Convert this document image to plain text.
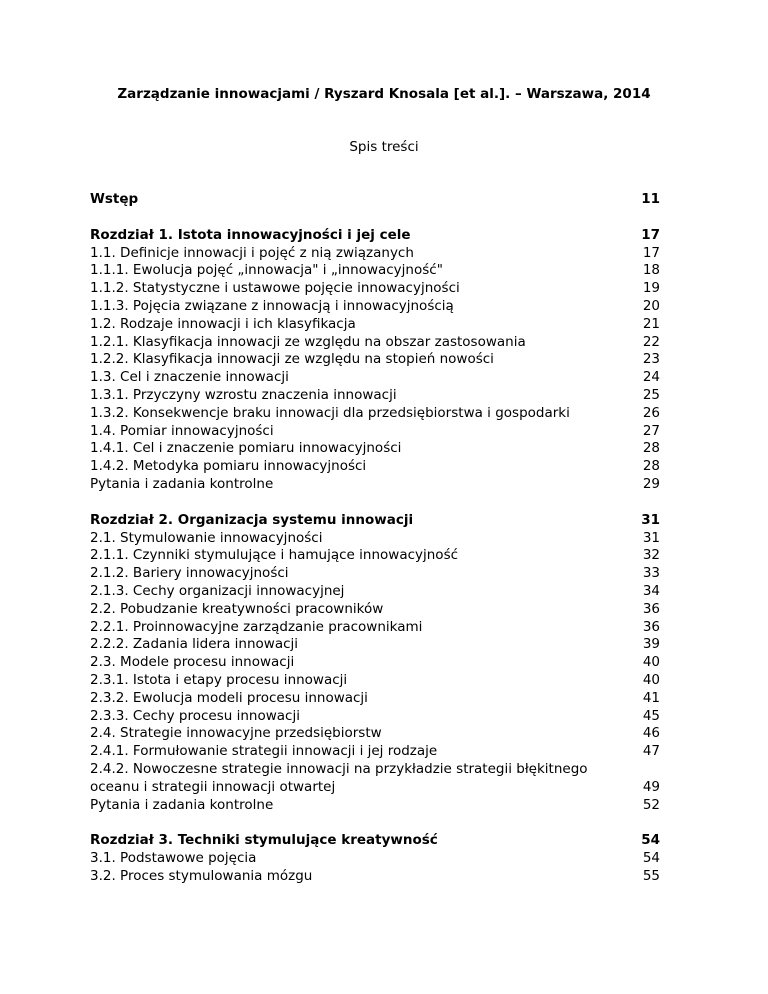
Zarządzanie innowacjami / Ryszard Knosala [et al.]. – Warszawa, 2014
Spis treści
Wstęp	11
Rozdział 1. Istota innowacyjności i jej cele	17
1.1. Definicje innowacji i pojęć z nią związanych	17
1.1.1. Ewolucja pojęć „innowacja" i „innowacyjność"	18
1.1.2. Statystyczne i ustawowe pojęcie innowacyjności	19
1.1.3. Pojęcia związane z innowacją i innowacyjnością	20
1.2. Rodzaje innowacji i ich klasyfikacja	21
1.2.1. Klasyfikacja innowacji ze względu na obszar zastosowania	22
1.2.2. Klasyfikacja innowacji ze względu na stopień nowości	23
1.3. Cel i znaczenie innowacji	24
1.3.1. Przyczyny wzrostu znaczenia innowacji	25
1.3.2. Konsekwencje braku innowacji dla przedsiębiorstwa i gospodarki	26
1.4. Pomiar innowacyjności	27
1.4.1. Cel i znaczenie pomiaru innowacyjności	28
1.4.2. Metodyka pomiaru innowacyjności	28
Pytania i zadania kontrolne	29
Rozdział 2. Organizacja systemu innowacji	31
2.1. Stymulowanie innowacyjności	31
2.1.1. Czynniki stymulujące i hamujące innowacyjność	32
2.1.2. Bariery innowacyjności	33
2.1.3. Cechy organizacji innowacyjnej	34
2.2. Pobudzanie kreatywności pracowników	36
2.2.1. Proinnowacyjne zarządzanie pracownikami	36
2.2.2. Zadania lidera innowacji	39
2.3. Modele procesu innowacji	40
2.3.1. Istota i etapy procesu innowacji	40
2.3.2. Ewolucja modeli procesu innowacji	41
2.3.3. Cechy procesu innowacji	45
2.4. Strategie innowacyjne przedsiębiorstw	46
2.4.1. Formułowanie strategii innowacji i jej rodzaje	47
2.4.2. Nowoczesne strategie innowacji na przykładzie strategii błękitnego oceanu i strategii innowacji otwartej	49
Pytania i zadania kontrolne	52
Rozdział 3. Techniki stymulujące kreatywność	54
3.1. Podstawowe pojęcia	54
3.2. Proces stymulowania mózgu	55
